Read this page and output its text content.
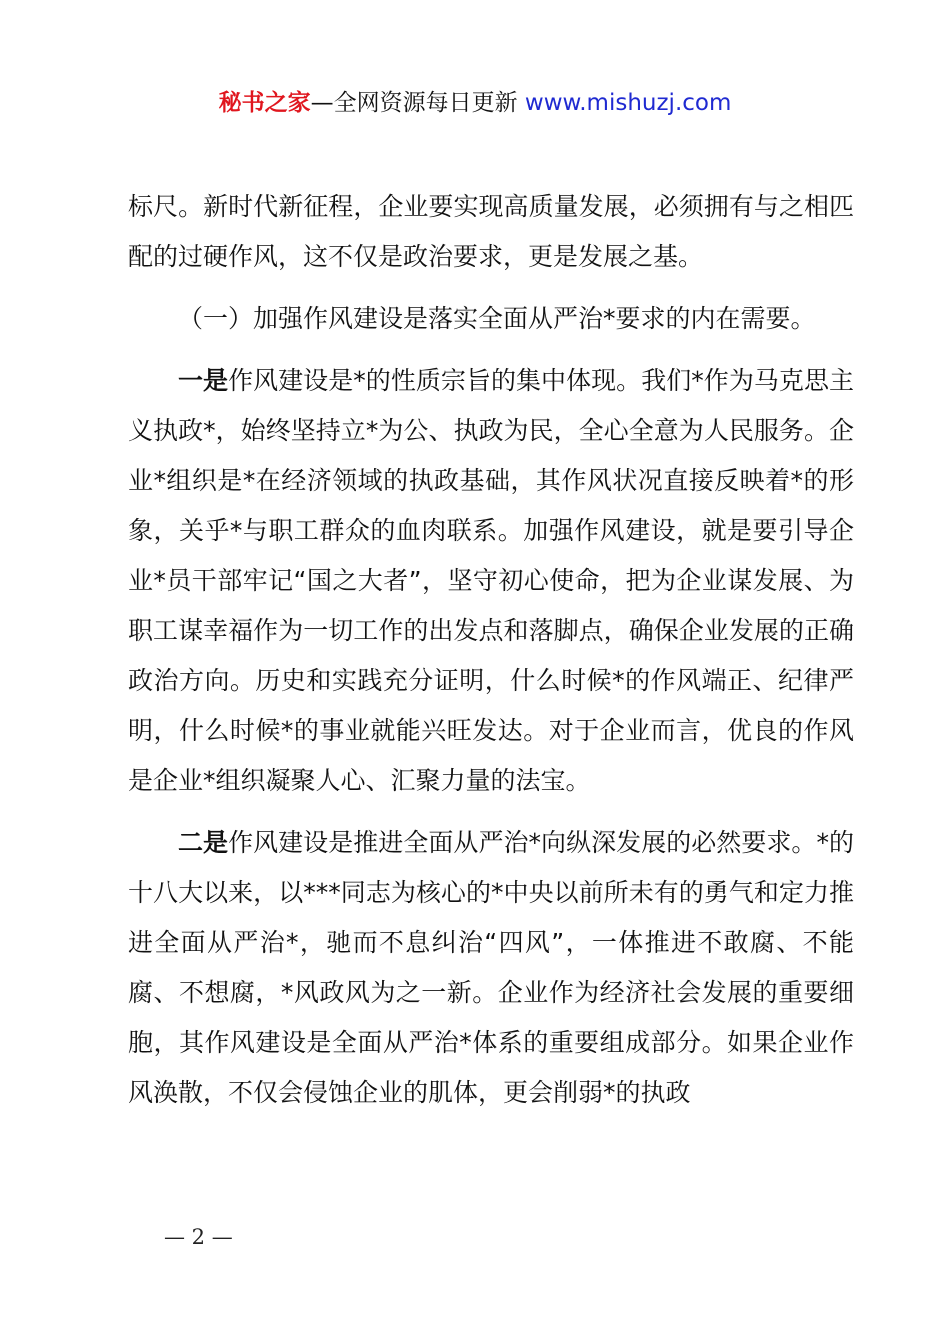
秘书之家—全网资源每日更新 www.mishuzj.com

标尺。新时代新征程，企业要实现高质量发展，必须拥有与之相匹配的过硬作风，这不仅是政治要求，更是发展之基。

（一）加强作风建设是落实全面从严治*要求的内在需要。

一是作风建设是*的性质宗旨的集中体现。我们*作为马克思主义执政*，始终坚持立*为公、执政为民，全心全意为人民服务。企业*组织是*在经济领域的执政基础，其作风状况直接反映着*的形象，关乎*与职工群众的血肉联系。加强作风建设，就是要引导企业*员干部牢记“国之大者”，坚守初心使命，把为企业谋发展、为职工谋幸福作为一切工作的出发点和落脚点，确保企业发展的正确政治方向。历史和实践充分证明，什么时候*的作风端正、纪律严明，什么时候*的事业就能兴旺发达。对于企业而言，优良的作风是企业*组织凝聚人心、汇聚力量的法宝。

二是作风建设是推进全面从严治*向纵深发展的必然要求。*的十八大以来，以***同志为核心的*中央以前所未有的勇气和定力推进全面从严治*，驰而不息纠治“四风”，一体推进不敢腐、不能腐、不想腐，*风政风为之一新。企业作为经济社会发展的重要细胞，其作风建设是全面从严治*体系的重要组成部分。如果企业作风涣散，不仅会侵蚀企业的肌体，更会削弱*的执政

— 2 —
